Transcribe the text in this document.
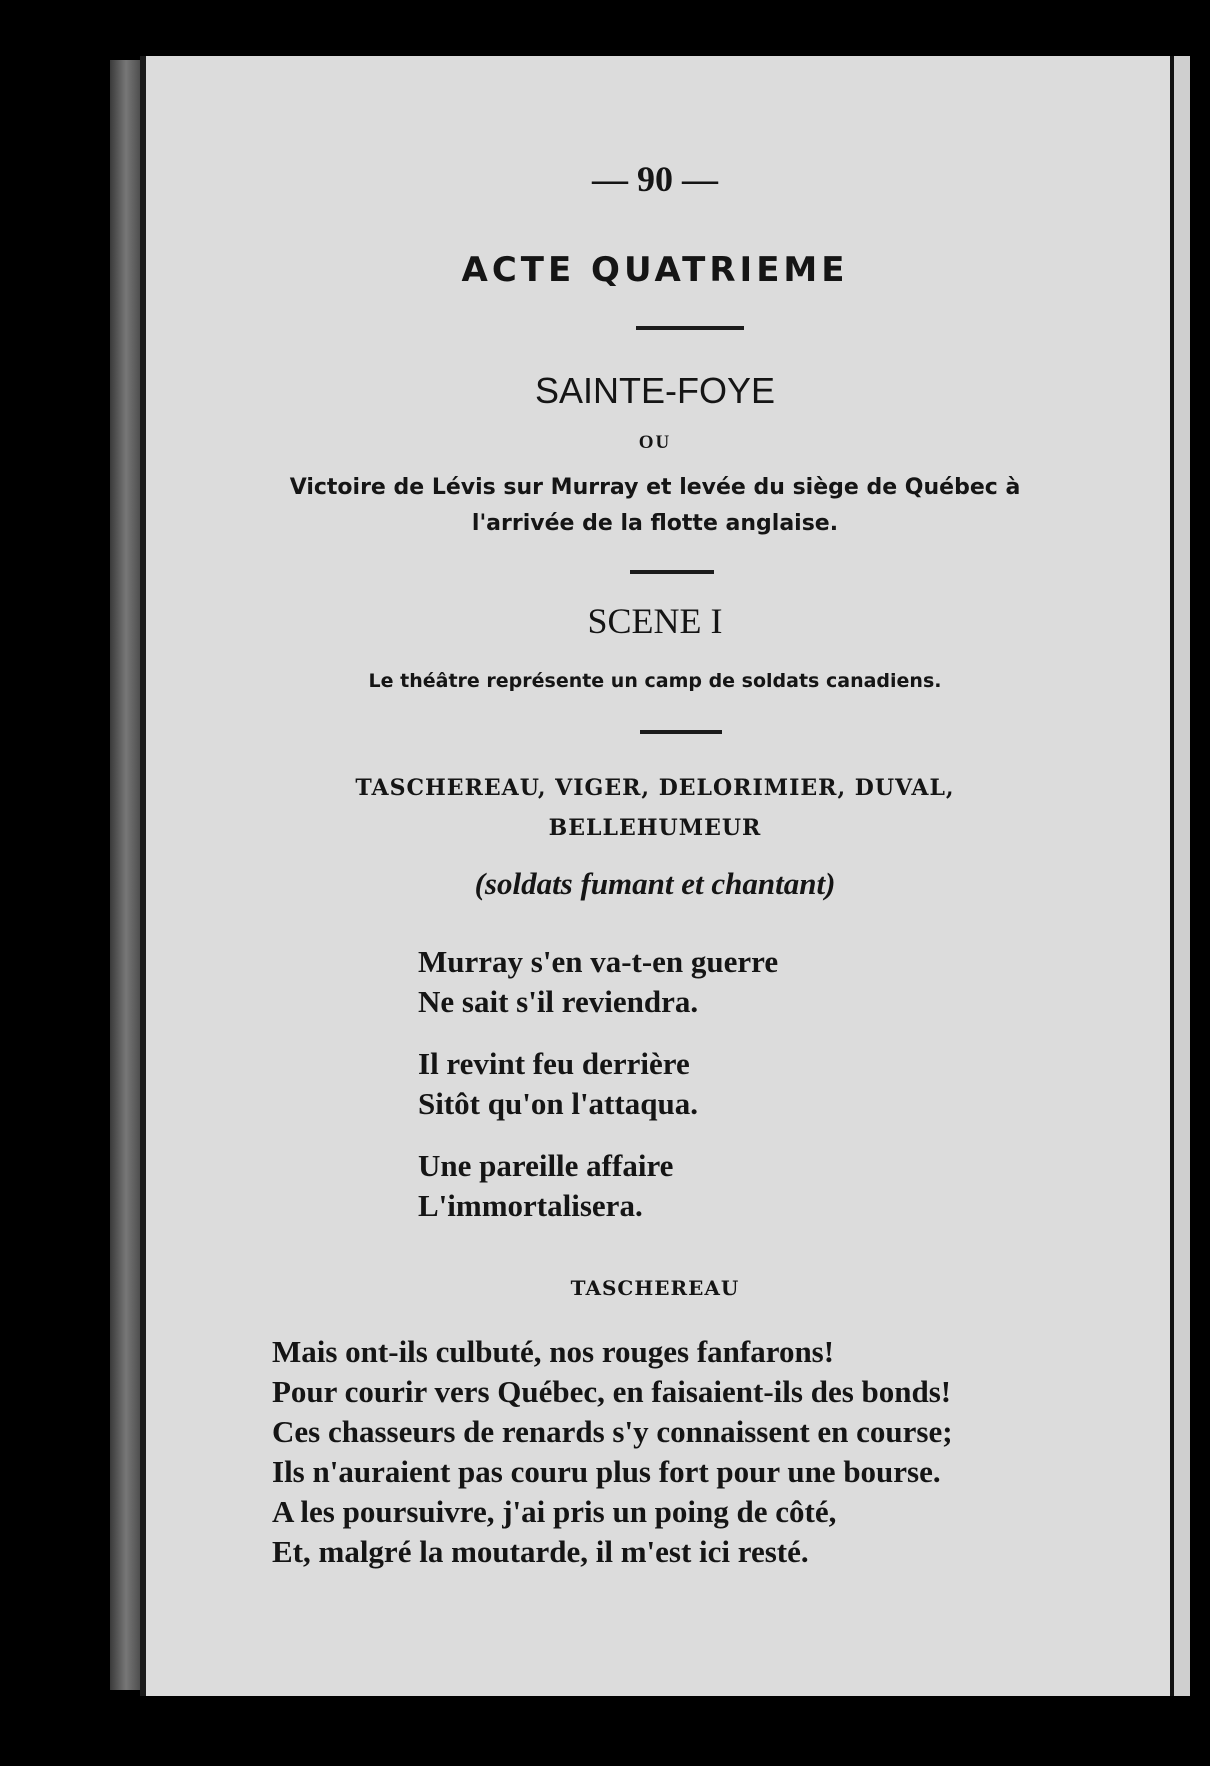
— 90 —
ACTE QUATRIEME
SAINTE-FOYE
OU
Victoire de Lévis sur Murray et levée du siège de Québec à
l'arrivée de la flotte anglaise.
SCENE I
Le théâtre représente un camp de soldats canadiens.
TASCHEREAU, VIGER, DELORIMIER, DUVAL,
BELLEHUMEUR
(soldats fumant et chantant)
Murray s'en va-t-en guerre
Ne sait s'il reviendra.
Il revint feu derrière
Sitôt qu'on l'attaqua.
Une pareille affaire
L'immortalisera.
TASCHEREAU
Mais ont-ils culbuté, nos rouges fanfarons!
Pour courir vers Québec, en faisaient-ils des bonds!
Ces chasseurs de renards s'y connaissent en course;
Ils n'auraient pas couru plus fort pour une bourse.
A les poursuivre, j'ai pris un poing de côté,
Et, malgré la moutarde, il m'est ici resté.
